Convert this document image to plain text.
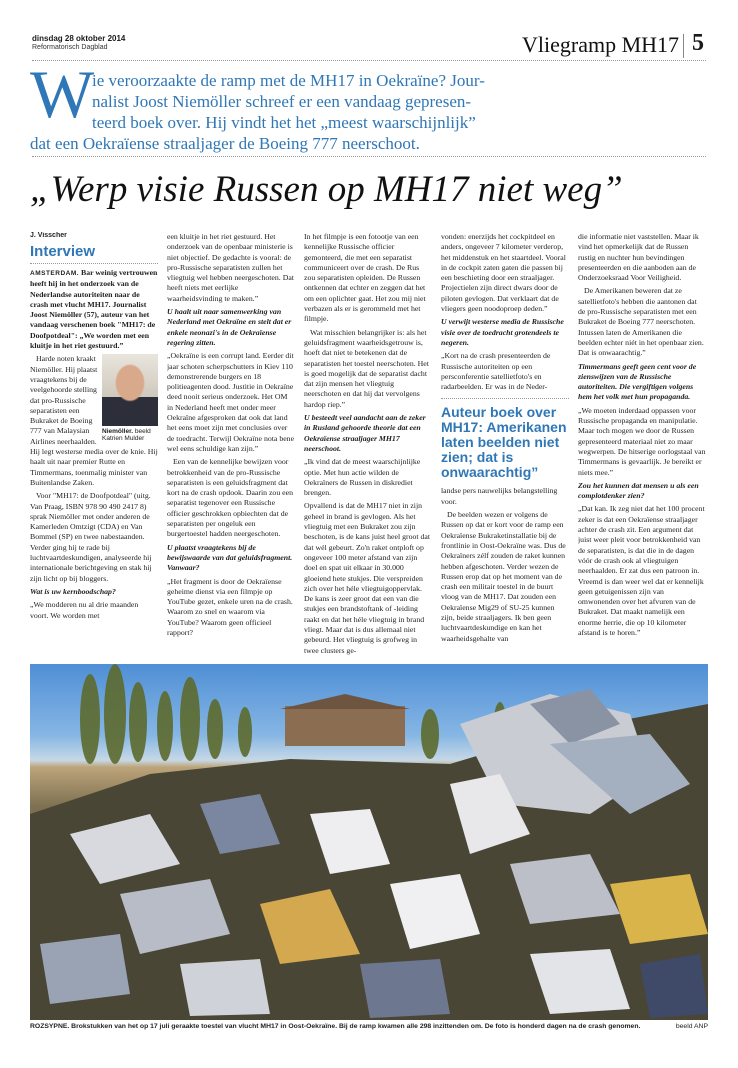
dinsdag 28 oktober 2014
Reformatorisch Dagblad	Vliegramp MH17 5
W
ie veroorzaakte de ramp met de MH17 in Oekraïne? Jour-
nalist Joost Niemöller schreef er een vandaag gepresen-
teerd boek over. Hij vindt het het „meest waarschijnlijk”
dat een Oekraïense straaljager de Boeing 777 neerschoot.
„Werp visie Russen op MH17 niet weg”
J. Visscher
Interview

AMSTERDAM. Bar weinig vertrouwen heeft hij in het onderzoek van de Nederlandse autoriteiten naar de crash met vlucht MH17. Journalist Joost Niemöller (57), auteur van het vandaag verschenen boek "MH17: de Doofpotdeal": „We worden met een kluitje in het riet gestuurd.”

Niemöller. beeld Katrien Mulder

Harde noten kraakt Niemöller. Hij plaatst vraagtekens bij de veelgehoorde stelling dat pro-Russische separatisten een Bukraket de Boeing 777 van Malaysian Airlines neerhaalden. Hij legt westerse media over de knie. Hij haalt uit naar premier Rutte en Timmermans, toenmalig minister van Buitenlandse Zaken.

Voor "MH17: de Doofpotdeal" (uitg. Van Praag, ISBN 978 90 490 2417 8) sprak Niemöller met onder anderen de Kamerleden Omtzigt (CDA) en Van Bommel (SP) en twee nabestaanden. Verder ging hij te rade bij luchtvaartdeskundigen, analyseerde hij internationale berichtgeving en stak hij zijn licht op bij bloggers.

Wat is uw kernboodschap?

„We modderen nu al drie maanden voort. We worden met

een kluitje in het riet gestuurd. Het onderzoek van de openbaar ministerie is niet objectief. De gedachte is vooral: de pro-Russische separatisten zullen het vliegtuig wel hebben neergeschoten. Dat heeft niets met eerlijke waarheidsvinding te maken.”

U haalt uit naar samenwerking van Nederland met Oekraïne en stelt dat er enkele neonazi's in de Oekraïense regering zitten.

„Oekraïne is een corrupt land. Eerder dit jaar schoten scherpschutters in Kiev 110 demonstrerende burgers en 18 politieagenten dood. Justitie in Oekraïne deed nooit serieus onderzoek. Het OM in Nederland heeft met onder meer Oekraïne afgesproken dat ook dat land het eens moet zijn met conclusies over de toedracht. Terwijl Oekraïne nota bene wel eens schuldige kan zijn.”

Een van de kennelijke bewijzen voor betrokkenheid van de pro-Russische separatisten is een geluidsfragment dat kort na de crash opdook. Daarin zou een separatist tegenover een Russische officier geschrokken opbiechten dat de separatisten per ongeluk een burgertoestel hadden neergeschoten.

U plaatst vraagtekens bij de bewijswaarde van dat geluidsfragment. Vanwaar?

„Het fragment is door de Oekraïense geheime dienst via een filmpje op YouTube gezet, enkele uren na de crash. Waarom zo snel en waarom via YouTube? Waarom geen officieel rapport?

In het filmpje is een fotootje van een kennelijke Russische officier gemonteerd, die met een separatist communiceert over de crash. De Rus zou separatisten opleiden. De Russen ontkennen dat echter en zeggen dat het om een oplichter gaat. Het zou mij niet verbazen als er is gerommeld met het filmpje.

Wat misschien belangrijker is: als het geluidsfragment waarheidsgetrouw is, hoeft dat niet te betekenen dat de separatisten het toestel neerschoten. Het is goed mogelijk dat de separatist dacht dat zijn mensen het vliegtuig neerschoten en dat hij dat vervolgens hardop riep.”

U besteedt veel aandacht aan de zeker in Rusland gehoorde theorie dat een Oekraïense straaljager MH17 neerschoot.

„Ik vind dat de meest waarschijnlijke optie. Met hun actie wilden de Oekraïners de Russen in diskrediet brengen.

Opvallend is dat de MH17 niet in zijn geheel in brand is gevlogen. Als het vliegtuig met een Bukraket zou zijn beschoten, is de kans juist heel groot dat dat wél gebeurt. Zo'n raket ontploft op ongeveer 100 meter afstand van zijn doel en spat uit elkaar in 30.000 gloeiend hete stukjes. Die verspreiden zich over het héle vliegtuigoppervlak. De kans is zeer groot dat een van die stukjes een brandstoftank of -leiding raakt en dat het héle vliegtuig in brand vliegt. Maar dat is dus allemaal niet gebeurd. Het vliegtuig is grofweg in twee clusters ge-

vonden: enerzijds het cockpitdeel en anders, ongeveer 7 kilometer verderop, het middenstuk en het staartdeel. Vooral in de cockpit zaten gaten die passen bij een beschieting door een straaljager. Projectielen zijn direct dwars door de piloten gevlogen. Dat verklaart dat de vliegers geen noodoproep deden.”

U verwijt westerse media de Russische visie over de toedracht grotendeels te negeren.

„Kort na de crash presenteerden de Russische autoriteiten op een persconferentie satellietfoto's en radarbeelden. Er was in de Neder-

Auteur boek over MH17: Amerikanen laten beelden niet zien; dat is onwaarachtig”

landse pers nauwelijks belangstelling voor.

De beelden wezen er volgens de Russen op dat er kort voor de ramp een Oekraïense Bukraketinstallatie bij de frontlinie in Oost-Oekraïne was. Dus de Oekraïners zélf zouden de raket kunnen hebben afgeschoten. Verder wezen de Russen erop dat op het moment van de crash een militair toestel in de buurt vloog van de MH17. Dat zouden een Oekraïense Mig29 of SU-25 kunnen zijn, beide straaljagers. Ik ben geen luchtvaartdeskundige en kan het waarheidsgehalte van

die informatie niet vaststellen. Maar ik vind het opmerkelijk dat de Russen rustig en nuchter hun bevindingen presenteerden en die aanboden aan de Onderzoeksraad Voor Veiligheid.

De Amerikanen beweren dat ze satellietfoto's hebben die aantonen dat de pro-Russische separatisten met een Bukraket de Boeing 777 neerschoten. Intussen laten de Amerikanen die beelden echter niét in het openbaar zien. Dat is onwaarachtig.”

Timmermans geeft geen cent voor de zienswijzen van de Russische autoriteiten. Die vergiftigen volgens hem het volk met hun propaganda.

„We moeten inderdaad oppassen voor Russische propaganda en manipulatie. Maar toch mogen we door de Russen gepresenteerd materiaal niet zo maar wegwerpen. De hitserige oorlogstaal van Timmermans is gevaarlijk. Je bereikt er niets mee.”

Zou het kunnen dat mensen u als een complotdenker zien?

„Dat kan. Ik zeg niet dat het 100 procent zeker is dat een Oekraïense straaljager achter de crash zit. Een argument dat juist weer pleit voor betrokkenheid van de separatisten, is dat die in de dagen vóór de crash ook al vliegtuigen neerhaalden. Er zat dus een patroon in. Vreemd is dan weer wel dat er kennelijk geen getuigenissen zijn van omwonenden over het afvuren van de Bukraket. Dat maakt namelijk een enorme herrie, die op 10 kilometer afstand is te horen.”

ROZSYPNE. Brokstukken van het op 17 juli geraakte toestel van vlucht MH17 in Oost-Oekraïne. Bij de ramp kwamen alle 298 inzittenden om. De foto is honderd dagen na de crash genomen.	beeld ANP
